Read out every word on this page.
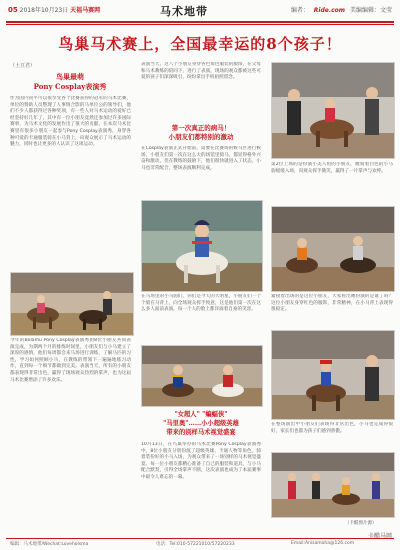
05 2018年10月23日 天福马赛网	马术地带	编者： Ride.com 美编编辑：文莹
鸟巢马术赛上，全国最幸运的8个孩子！
（土豆君）
鸟巢最萌
Pony Cosplay表演秀
作为国内顶平可以很享受各个比赛获得的冠军的马术比赛，单位的赞助人员整理了人事情合影的马单位公的领导们，他们不少人都获得过各种奖项，有一些人对马术运动的爱好已经坚持好几年了，其中有一位小朋友竟然还参加过许多国际赛事，为马术文化的发展作出了很大的贡献。在本次马术比赛里有很多小朋友一起参与Pony Cosplay表演秀，身穿各种可爱的卡通服装骑在小马背上，向观众展示了马术运动的魅力，同时也让更多的人认识了这项运动。
今年的Bolamu Pony Cosplay表演秀由8位小朋友共同表演完成，为期两个月的排练时间里，小朋友们与小马建立了深厚的感情，他们每周都会来马场进行训练，了解马匹的习性，学习如何照顾小马，在教练的带领下一遍遍地练习动作，直到每一个细节都做到完美。表演当天，所有的小朋友都表现得非常出色，赢得了现场观众热烈的掌声，也为这届马术比赛增添了许多欢乐。
表演当天，这八个小朋友身穿各色角色服装的服饰，在父母和马术教练的陪同下，进行了表演，现场的观众都被这些可爱的孩子们深深吸引，纷纷拿出手机拍照留念。
第一次真正的病马！
小朋友们都特别的激动
在Cosplay表演正式开始前，需要在比赛场的候马区进行候场，小朋友们第一次在这么大的场馆里骑马，都显得格外兴奋和激动，但在教练的鼓励下，他们很快就进入了状态，小马也非常配合，整场表演顺利完成。
在马场里的小马驹们，你们是今天的大明星，小朋友们一个个骑在马背上，向全场观众挥手致意，这是他们第一次在这么多人面前表演，每一个人的脸上都洋溢着自豪的笑容。
"女超人" "蝙蝠侠"
"马里奥"……小小超级英雄
带来的别样马术视觉盛宴
10月13日，在鸟巢举办的马术比赛Pony Cosplay表演秀中，8位小朋友分别扮演了超级英雄、卡通人物等角色，骑着装扮好的小马入场，为观众带来了一场别样的马术视觉盛宴。每一位小朋友都精心准备了自己的服装和道具，与小马配合默契，引得全场掌声不断，这次表演也成为了本届赛事中最令人难忘的一幕。
第2位上场的是扮演小美人鱼的小朋友，她骑着白色的小马驹缓缓入场，向观众挥手微笑，赢得了一片掌声与欢呼。
紧接着出场的是这位小朋友，大家看出她扮演的是谁了吗？这位小朋友身穿红色的服饰，非常精神，在小马背上表现得很稳定。
在整场演出中小朋友们表现得非常出色，小马也完成得很好，家长们也都为孩子们感到骄傲。
（卡酷图片源）
卡酷马网
编辑：马术地带/Wechat:Loveholsma	电话：Tel:010-57221010/57220233	Email:Anisamoha@126.com
